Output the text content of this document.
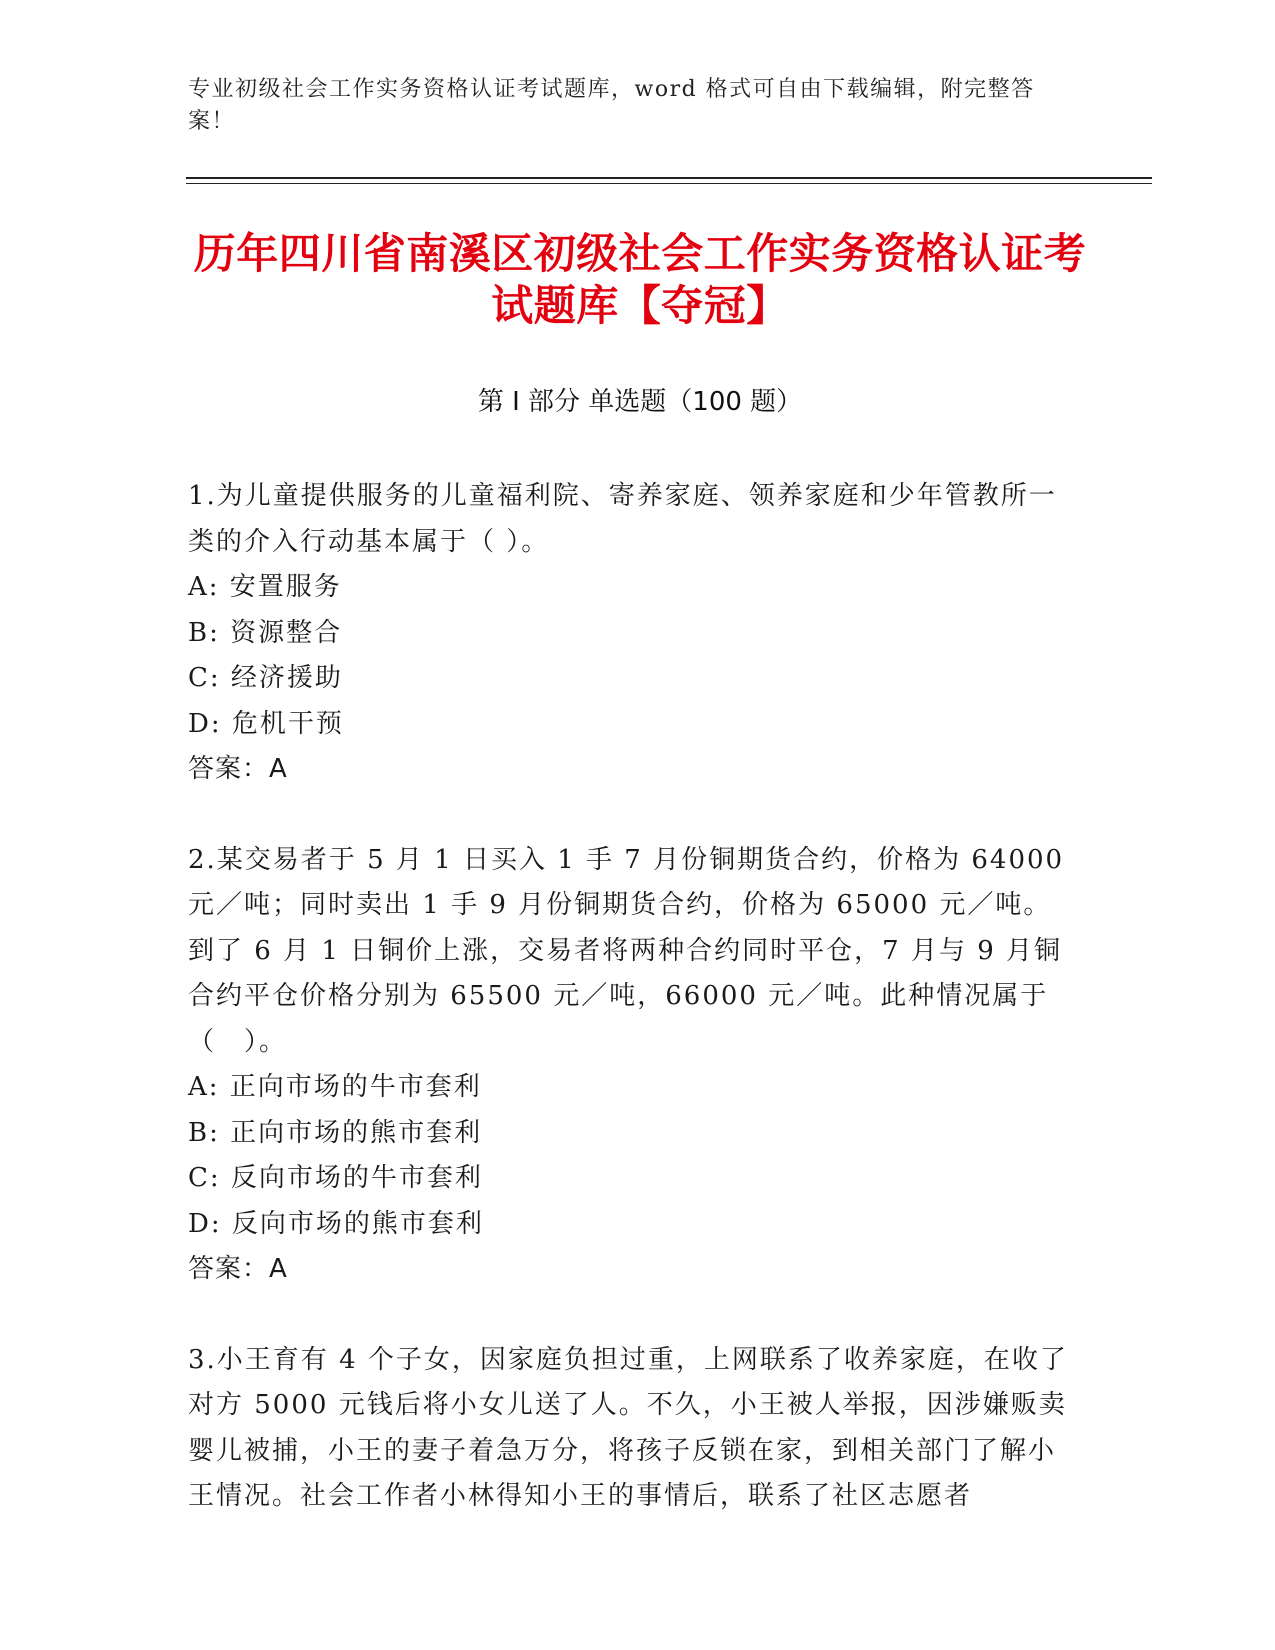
专业初级社会工作实务资格认证考试题库，word 格式可自由下载编辑，附完整答案！
历年四川省南溪区初级社会工作实务资格认证考试题库【夺冠】
第 I 部分 单选题（100 题）

1.为儿童提供服务的儿童福利院、寄养家庭、领养家庭和少年管教所一类的介入行动基本属于（ ）。

A: 安置服务

B: 资源整合

C: 经济援助

D: 危机干预

答案：A

2.某交易者于 5 月 1 日买入 1 手 7 月份铜期货合约，价格为 64000 元／吨；同时卖出 1 手 9 月份铜期货合约，价格为 65000 元／吨。到了 6 月 1 日铜价上涨，交易者将两种合约同时平仓，7 月与 9 月铜合约平仓价格分别为 65500 元／吨，66000 元／吨。此种情况属于（　）。

A: 正向市场的牛市套利

B: 正向市场的熊市套利

C: 反向市场的牛市套利

D: 反向市场的熊市套利

答案：A

3.小王育有 4 个子女，因家庭负担过重，上网联系了收养家庭，在收了对方 5000 元钱后将小女儿送了人。不久，小王被人举报，因涉嫌贩卖婴儿被捕，小王的妻子着急万分，将孩子反锁在家，到相关部门了解小王情况。社会工作者小林得知小王的事情后，联系了社区志愿者
